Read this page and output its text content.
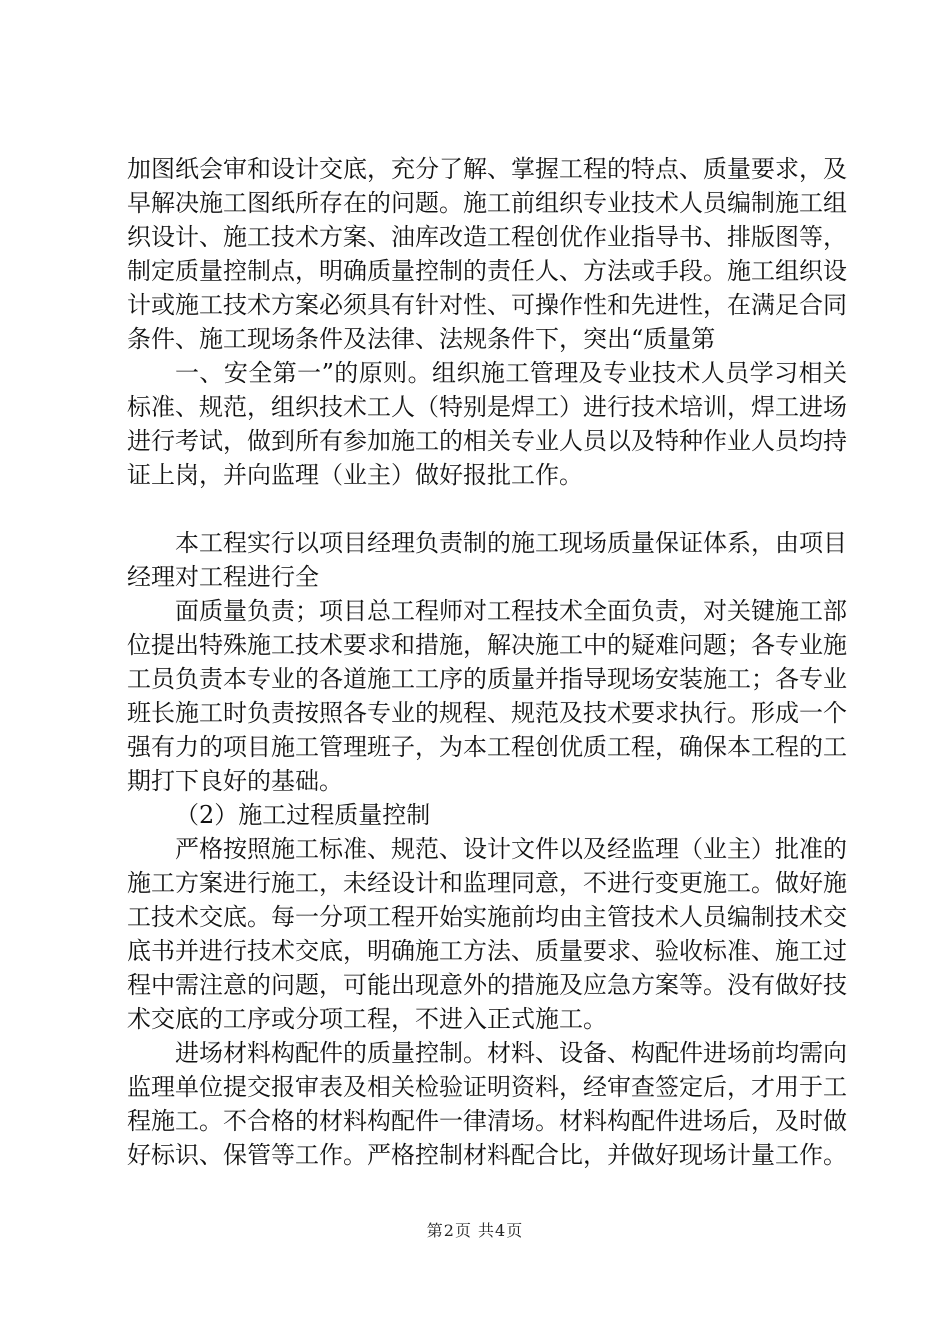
加图纸会审和设计交底，充分了解、掌握工程的特点、质量要求，及早解决施工图纸所存在的问题。施工前组织专业技术人员编制施工组织设计、施工技术方案、油库改造工程创优作业指导书、排版图等，制定质量控制点，明确质量控制的责任人、方法或手段。施工组织设计或施工技术方案必须具有针对性、可操作性和先进性，在满足合同条件、施工现场条件及法律、法规条件下，突出“质量第

一、安全第一”的原则。组织施工管理及专业技术人员学习相关标准、规范，组织技术工人（特别是焊工）进行技术培训，焊工进场进行考试，做到所有参加施工的相关专业人员以及特种作业人员均持证上岗，并向监理（业主）做好报批工作。

本工程实行以项目经理负责制的施工现场质量保证体系，由项目经理对工程进行全

面质量负责；项目总工程师对工程技术全面负责，对关键施工部位提出特殊施工技术要求和措施，解决施工中的疑难问题；各专业施工员负责本专业的各道施工工序的质量并指导现场安装施工；各专业班长施工时负责按照各专业的规程、规范及技术要求执行。形成一个强有力的项目施工管理班子，为本工程创优质工程，确保本工程的工期打下良好的基础。

（2）施工过程质量控制

严格按照施工标准、规范、设计文件以及经监理（业主）批准的施工方案进行施工，未经设计和监理同意，不进行变更施工。做好施工技术交底。每一分项工程开始实施前均由主管技术人员编制技术交底书并进行技术交底，明确施工方法、质量要求、验收标准、施工过程中需注意的问题，可能出现意外的措施及应急方案等。没有做好技术交底的工序或分项工程，不进入正式施工。

进场材料构配件的质量控制。材料、设备、构配件进场前均需向监理单位提交报审表及相关检验证明资料，经审查签定后，才用于工程施工。不合格的材料构配件一律清场。材料构配件进场后，及时做好标识、保管等工作。严格控制材料配合比，并做好现场计量工作。

第2页 共4页
